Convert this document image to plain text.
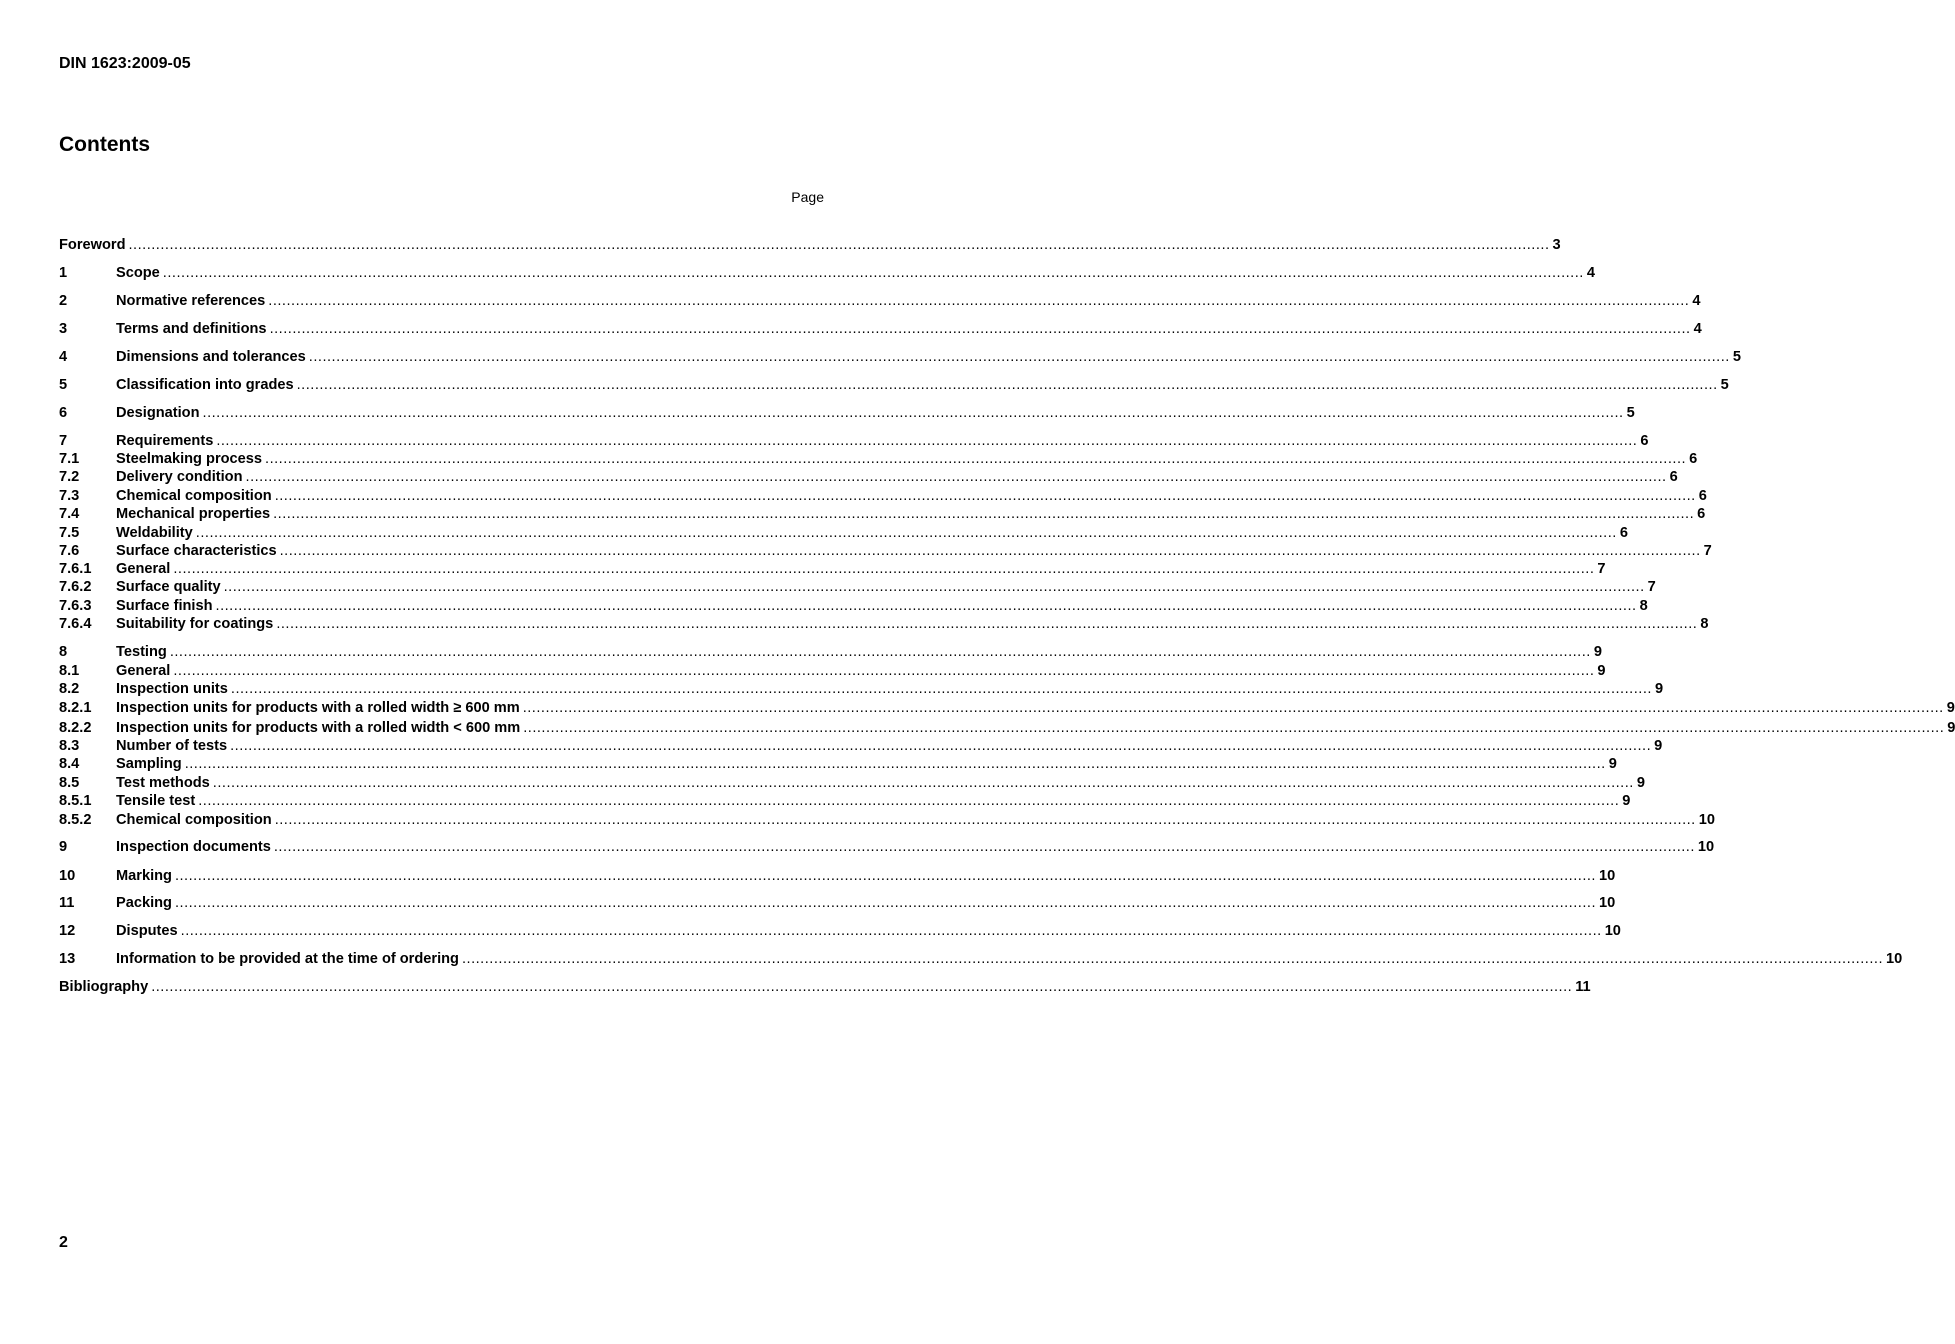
DIN 1623:2009-05
Contents
Page
Foreword .....	3
1	Scope .....	4
2	Normative references .....	4
3	Terms and definitions .....	4
4	Dimensions and tolerances .....	5
5	Classification into grades .....	5
6	Designation .....	5
7	Requirements .....	6
7.1	Steelmaking process .....	6
7.2	Delivery condition .....	6
7.3	Chemical composition .....	6
7.4	Mechanical properties .....	6
7.5	Weldability .....	6
7.6	Surface characteristics .....	7
7.6.1	General .....	7
7.6.2	Surface quality .....	7
7.6.3	Surface finish .....	8
7.6.4	Suitability for coatings .....	8
8	Testing .....	9
8.1	General .....	9
8.2	Inspection units .....	9
8.2.1	Inspection units for products with a rolled width ≥ 600 mm .....	9
8.2.2	Inspection units for products with a rolled width < 600 mm .....	9
8.3	Number of tests .....	9
8.4	Sampling .....	9
8.5	Test methods .....	9
8.5.1	Tensile test .....	9
8.5.2	Chemical composition .....	10
9	Inspection documents .....	10
10	Marking .....	10
11	Packing .....	10
12	Disputes .....	10
13	Information to be provided at the time of ordering .....	10
Bibliography .....	11
2
